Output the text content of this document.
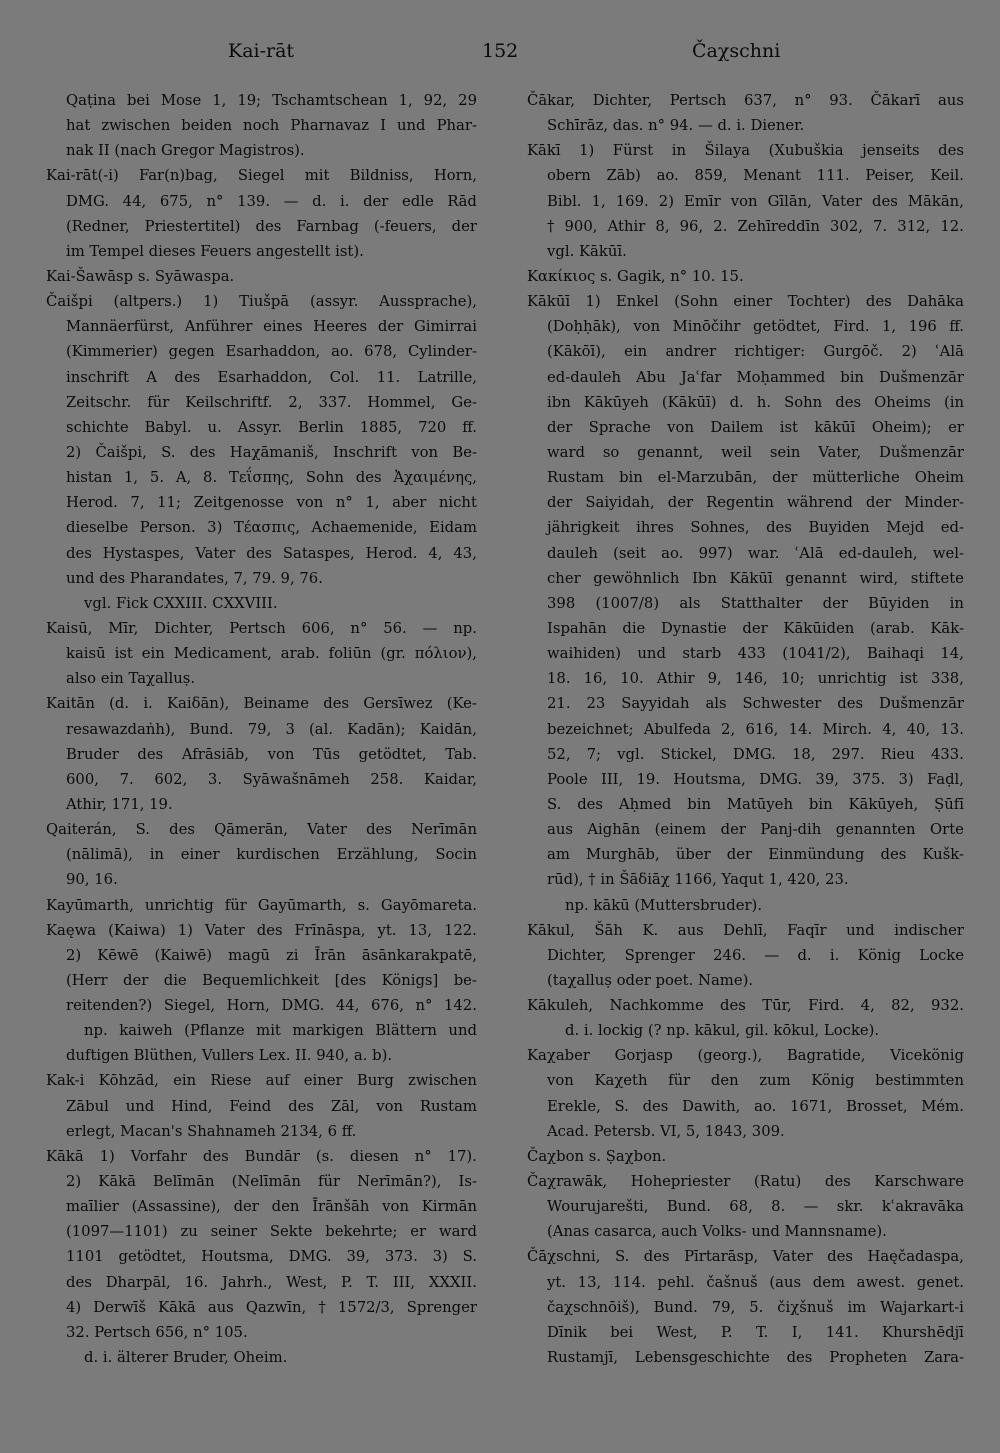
Kai-rāt	152	Čaχschni
Qaṭina bei Mose 1, 19; Tschamtschean 1, 92, 29
hat zwischen beiden noch Pharnavaz I und Phar-
nak II (nach Gregor Magistros).
Kai-rāt(-i) Far(n)bag, Siegel mit Bildniss, Horn,
DMG. 44, 675, n° 139. — d. i. der edle Rād
(Redner, Priestertitel) des Farnbag (-feuers, der
im Tempel dieses Feuers angestellt ist).
Kai-Šawāsp s. Syāwaspa.
Čaišpi (altpers.) 1) Tiušpā (assyr. Aussprache),
Mannäerfürst, Anführer eines Heeres der Gimirrai
(Kimmerier) gegen Esarhaddon, ao. 678, Cylinder-
inschrift A des Esarhaddon, Col. 11. Latrille,
Zeitschr. für Keilschriftf. 2, 337. Hommel, Ge-
schichte Babyl. u. Assyr. Berlin 1885, 720 ff.
2) Čaišpi, S. des Haχāmaniš, Inschrift von Be-
histan 1, 5. A, 8. Τεΐσπης, Sohn des Ἀχαιμένης,
Herod. 7, 11; Zeitgenosse von n° 1, aber nicht
dieselbe Person. 3) Τέασπις, Achaemenide, Eidam
des Hystaspes, Vater des Sataspes, Herod. 4, 43,
und des Pharandates, 7, 79. 9, 76.
vgl. Fick CXXIII. CXXVIII.
Kaisū, Mīr, Dichter, Pertsch 606, n° 56. — np.
kaisū ist ein Medicament, arab. foliūn (gr. πόλιον),
also ein Taχalluṣ.
Kaitān (d. i. Kaiδān), Beiname des Gersīwez (Ke-
resawazdaṅh), Bund. 79, 3 (al. Kadān); Kaidān,
Bruder des Afrāsiāb, von Tūs getödtet, Tab.
600, 7. 602, 3. Syāwašnāmeh 258. Kaidar,
Athir, 171, 19.
Qaiterán, S. des Qāmerān, Vater des Nerīmān
(nālimā), in einer kurdischen Erzählung, Socin
90, 16.
Kayūmarth, unrichtig für Gayūmarth, s. Gayōmareta.
Kaęwa (Kaiwa) 1) Vater des Frīnāspa, yt. 13, 122.
2) Kēwē (Kaiwē) magū zi Īrān āsānkarakpatē,
(Herr der die Bequemlichkeit [des Königs] be-
reitenden?) Siegel, Horn, DMG. 44, 676, n° 142.
np. kaiweh (Pflanze mit markigen Blättern und
duftigen Blüthen, Vullers Lex. II. 940, a. b).
Kak-i Kōhzād, ein Riese auf einer Burg zwischen
Zābul und Hind, Feind des Zāl, von Rustam
erlegt, Macan's Shahnameh 2134, 6 ff.
Kākā 1) Vorfahr des Bundār (s. diesen n° 17).
2) Kākā Belīmān (Nelīmān für Nerīmān?), Is-
maīlier (Assassine), der den Īrānšāh von Kirmān
(1097—1101) zu seiner Sekte bekehrte; er ward
1101 getödtet, Houtsma, DMG. 39, 373. 3) S.
des Dharpāl, 16. Jahrh., West, P. T. III, XXXII.
4) Derwīš Kākā aus Qazwīn, † 1572/3, Sprenger
32. Pertsch 656, n° 105.
d. i. älterer Bruder, Oheim.
Čākar, Dichter, Pertsch 637, n° 93. Čākarī aus
Schīrāz, das. n° 94. — d. i. Diener.
Kākī 1) Fürst in Šilaya (Xubuškia jenseits des
obern Zāb) ao. 859, Menant 111. Peiser, Keil.
Bibl. 1, 169. 2) Emīr von Gīlān, Vater des Mākān,
† 900, Athir 8, 96, 2. Zehīreddīn 302, 7. 312, 12.
vgl. Kākūī.
Κακίκιος s. Gagik, n° 10. 15.
Kākūī 1) Enkel (Sohn einer Tochter) des Dahāka
(Doḥḥāk), von Minōčihr getödtet, Fird. 1, 196 ff.
(Kākōī), ein andrer richtiger: Gurgōč. 2) ʿAlā
ed-dauleh Abu Jaʿfar Moḥammed bin Dušmenzār
ibn Kākūyeh (Kākūī) d. h. Sohn des Oheims (in
der Sprache von Dailem ist kākūī Oheim); er
ward so genannt, weil sein Vater, Dušmenzār
Rustam bin el-Marzubān, der mütterliche Oheim
der Saiyidah, der Regentin während der Minder-
jährigkeit ihres Sohnes, des Buyiden Mejd ed-
dauleh (seit ao. 997) war. ʿAlā ed-dauleh, wel-
cher gewöhnlich Ibn Kākūī genannt wird, stiftete
398 (1007/8) als Statthalter der Būyiden in
Ispahān die Dynastie der Kākūiden (arab. Kāk-
waihiden) und starb 433 (1041/2), Baihaqi 14,
18. 16, 10. Athir 9, 146, 10; unrichtig ist 338,
21. 23 Sayyidah als Schwester des Dušmenzār
bezeichnet; Abulfeda 2, 616, 14. Mirch. 4, 40, 13.
52, 7; vgl. Stickel, DMG. 18, 297. Rieu 433.
Poole III, 19. Houtsma, DMG. 39, 375. 3) Faḍl,
S. des Aḥmed bin Matūyeh bin Kākūyeh, Ṣūfī
aus Aighān (einem der Panj-dih genannten Orte
am Murghāb, über der Einmündung des Kušk-
rūd), † in Šāδiāχ 1166, Yaqut 1, 420, 23.
np. kākū (Muttersbruder).
Kākul, Šāh K. aus Dehlī, Faqīr und indischer
Dichter, Sprenger 246. — d. i. König Locke
(taχalluṣ oder poet. Name).
Kākuleh, Nachkomme des Tūr, Fird. 4, 82, 932.
d. i. lockig (? np. kākul, gil. kōkul, Locke).
Kaχaber Gorjasp (georg.), Bagratide, Vicekönig
von Kaχeth für den zum König bestimmten
Erekle, S. des Dawith, ao. 1671, Brosset, Mém.
Acad. Petersb. VI, 5, 1843, 309.
Čaχbon s. Ṣaχbon.
Čaχrawāk, Hohepriester (Ratu) des Karschware
Wourujarešti, Bund. 68, 8. — skr. kʿakravāka
(Anas casarca, auch Volks- und Mannsname).
Čāχschni, S. des Pīrtarāsp, Vater des Haęčadaspa,
yt. 13, 114. pehl. čašnuš (aus dem awest. genet.
čaχschnōiš), Bund. 79, 5. čiχšnuš im Wajarkart-i
Dīnik bei West, P. T. I, 141. Khurshēdjī
Rustamjī, Lebensgeschichte des Propheten Zara-
